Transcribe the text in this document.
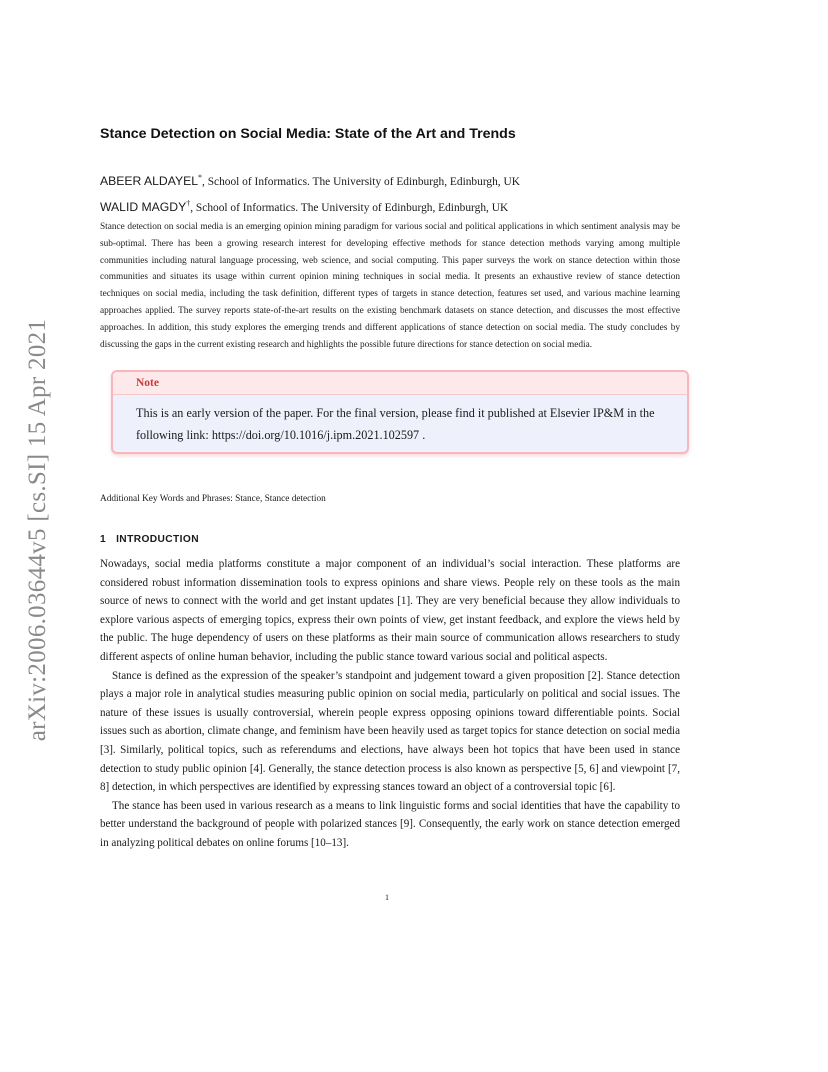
arXiv:2006.03644v5 [cs.SI] 15 Apr 2021
Stance Detection on Social Media: State of the Art and Trends
ABEER ALDAYEL*, School of Informatics. The University of Edinburgh, Edinburgh, UK
WALID MAGDY†, School of Informatics. The University of Edinburgh, Edinburgh, UK

Stance detection on social media is an emerging opinion mining paradigm for various social and political applications in which sentiment analysis may be sub-optimal. There has been a growing research interest for developing effective methods for stance detection methods varying among multiple communities including natural language processing, web science, and social computing. This paper surveys the work on stance detection within those communities and situates its usage within current opinion mining techniques in social media. It presents an exhaustive review of stance detection techniques on social media, including the task definition, different types of targets in stance detection, features set used, and various machine learning approaches applied. The survey reports state-of-the-art results on the existing benchmark datasets on stance detection, and discusses the most effective approaches. In addition, this study explores the emerging trends and different applications of stance detection on social media. The study concludes by discussing the gaps in the current existing research and highlights the possible future directions for stance detection on social media.

Note
This is an early version of the paper. For the final version, please find it published at Elsevier IP&M in the following link: https://doi.org/10.1016/j.ipm.2021.102597 .
Additional Key Words and Phrases: Stance, Stance detection
1 INTRODUCTION

Nowadays, social media platforms constitute a major component of an individual’s social interaction. These platforms are considered robust information dissemination tools to express opinions and share views. People rely on these tools as the main source of news to connect with the world and get instant updates [1]. They are very beneficial because they allow individuals to explore various aspects of emerging topics, express their own points of view, get instant feedback, and explore the views held by the public. The huge dependency of users on these platforms as their main source of communication allows researchers to study different aspects of online human behavior, including the public stance toward various social and political aspects.

Stance is defined as the expression of the speaker’s standpoint and judgement toward a given proposition [2]. Stance detection plays a major role in analytical studies measuring public opinion on social media, particularly on political and social issues. The nature of these issues is usually controversial, wherein people express opposing opinions toward differentiable points. Social issues such as abortion, climate change, and feminism have been heavily used as target topics for stance detection on social media [3]. Similarly, political topics, such as referendums and elections, have always been hot topics that have been used in stance detection to study public opinion [4]. Generally, the stance detection process is also known as perspective [5, 6] and viewpoint [7, 8] detection, in which perspectives are identified by expressing stances toward an object of a controversial topic [6].

The stance has been used in various research as a means to link linguistic forms and social identities that have the capability to better understand the background of people with polarized stances [9]. Consequently, the early work on stance detection emerged in analyzing political debates on online forums [10–13].

1
